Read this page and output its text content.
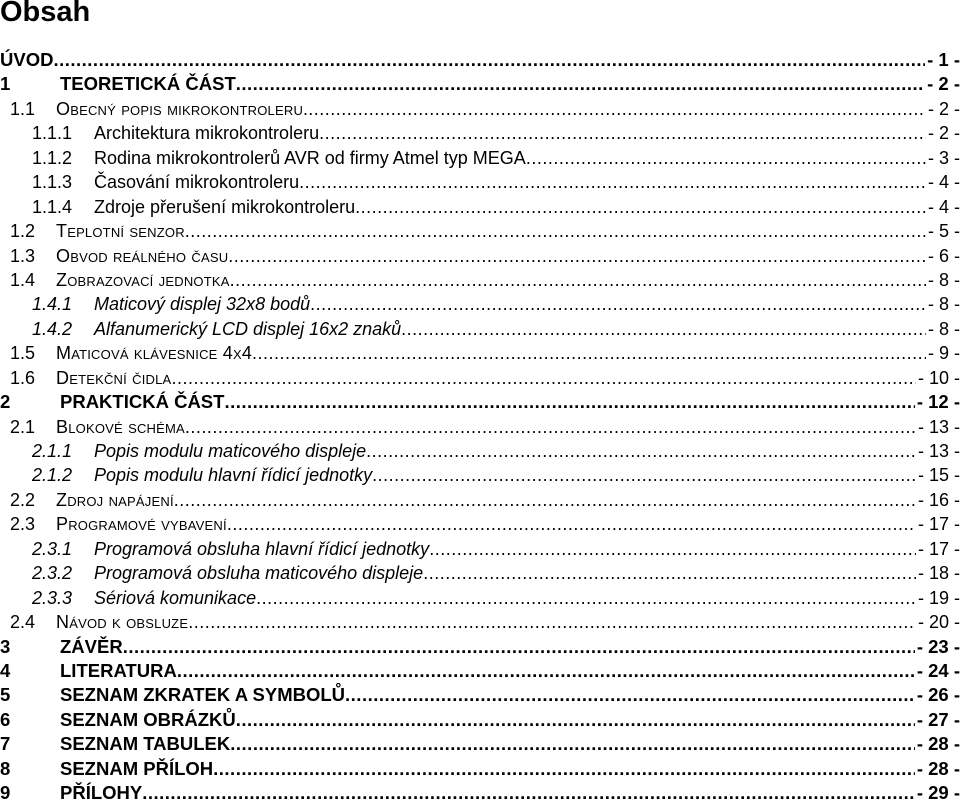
Obsah
ÚVOD .....	- 1 -
1	TEORETICKÁ ČÁST .....	- 2 -
1.1	Obecný popis mikrokontroleru. .....	- 2 -
1.1.1	Architektura mikrokontroleru .....	- 2 -
1.1.2	Rodina mikrokontrolerů AVR od firmy Atmel typ MEGA .....	- 3 -
1.1.3	Časování mikrokontroleru .....	- 4 -
1.1.4	Zdroje přerušení mikrokontroleru .....	- 4 -
1.2	Teplotní senzor .....	- 5 -
1.3	Obvod reálného času .....	- 6 -
1.4	Zobrazovací jednotka .....	- 8 -
1.4.1	Maticový displej 32x8 bodů .....	- 8 -
1.4.2	Alfanumerický LCD displej 16x2 znaků .....	- 8 -
1.5	Maticová klávesnice 4x4 .....	- 9 -
1.6	Detekční čidla .....	- 10 -
2	PRAKTICKÁ ČÁST .....	- 12 -
2.1	Blokové schéma .....	- 13 -
2.1.1	Popis modulu maticového displeje .....	- 13 -
2.1.2	Popis modulu hlavní řídicí jednotky .....	- 15 -
2.2	Zdroj napájení .....	- 16 -
2.3	Programové vybavení .....	- 17 -
2.3.1	Programová obsluha hlavní řídicí jednotky .....	- 17 -
2.3.2	Programová obsluha maticového displeje .....	- 18 -
2.3.3	Sériová komunikace .....	- 19 -
2.4	Návod k obsluze .....	- 20 -
3	ZÁVĚR .....	- 23 -
4	LITERATURA .....	- 24 -
5	SEZNAM ZKRATEK A SYMBOLŮ .....	- 26 -
6	SEZNAM OBRÁZKŮ .....	- 27 -
7	SEZNAM TABULEK .....	- 28 -
8	SEZNAM PŘÍLOH .....	- 28 -
9	PŘÍLOHY .....	- 29 -
